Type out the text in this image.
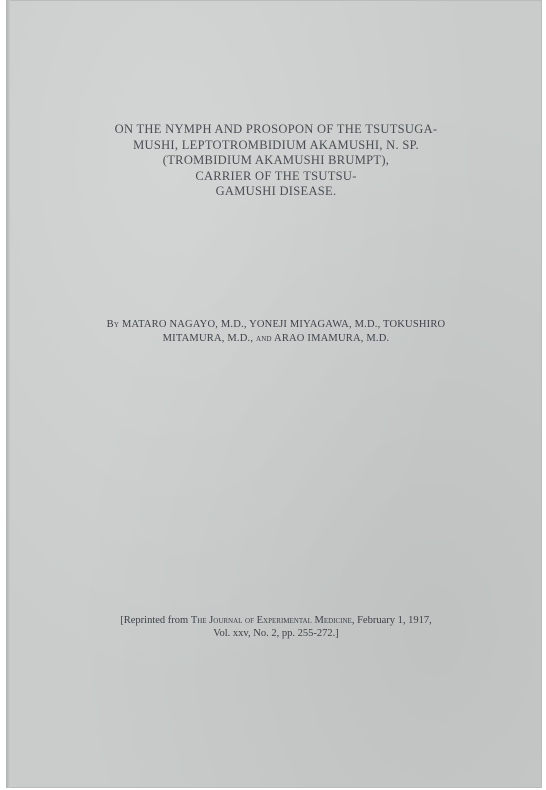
ON THE NYMPH AND PROSOPON OF THE TSUTSUGA-
MUSHI, LEPTOTROMBIDIUM AKAMUSHI, N. SP.
(TROMBIDIUM AKAMUSHI BRUMPT),
CARRIER OF THE TSUTSU-
GAMUSHI DISEASE.
By MATARO NAGAYO, M.D., YONEJI MIYAGAWA, M.D., TOKUSHIRO
MITAMURA, M.D., and ARAO IMAMURA, M.D.
[Reprinted from The Journal of Experimental Medicine, February 1, 1917,
Vol. xxv, No. 2, pp. 255-272.]
